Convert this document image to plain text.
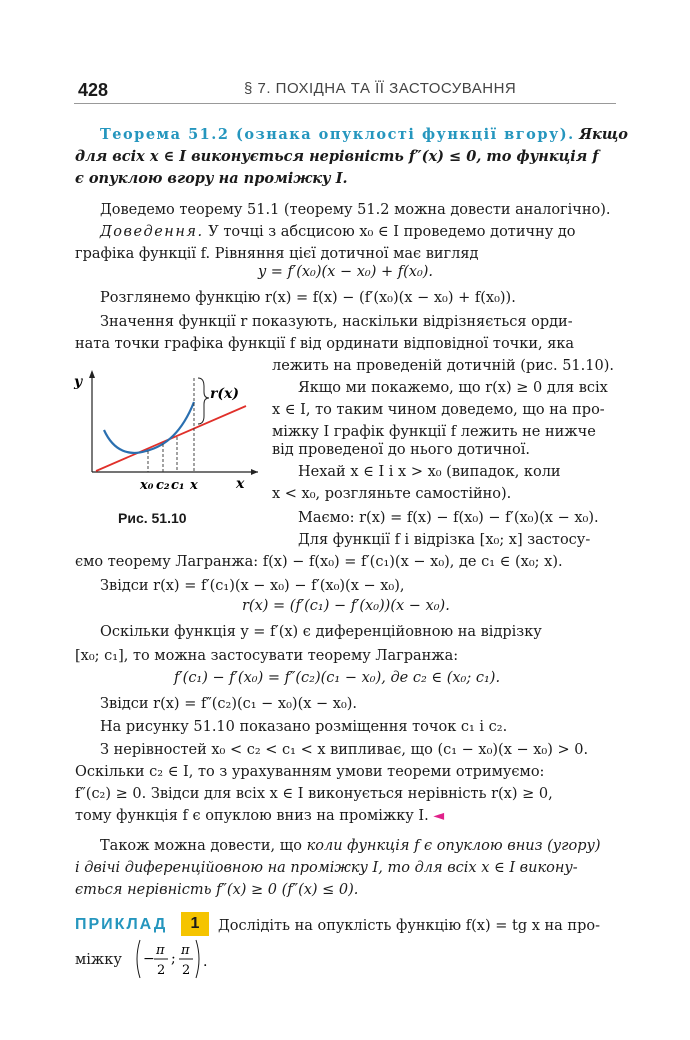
428	§ 7. ПОХІДНА ТА ЇЇ ЗАСТОСУВАННЯ
Теорема 51.2 (ознака опуклості функції вгору). Якщо
для всіх x ∈ I виконується нерівність f″(x) ≤ 0, то функція f
є опуклою вгору на проміжку I.
Доведемо теорему 51.1 (теорему 51.2 можна довести аналогічно).
Доведення. У точці з абсцисою x₀ ∈ I проведемо дотичну до
графіка функції f. Рівняння цієї дотичної має вигляд
y = f′(x₀)(x − x₀) + f(x₀).
Розглянемо функцію r(x) = f(x) − (f′(x₀)(x − x₀) + f(x₀)).
Значення функції r показують, наскільки відрізняється орди-
ната точки графіка функції f від ординати відповідної точки, яка
лежить на проведеній дотичній (рис. 51.10).
Якщо ми покажемо, що r(x) ≥ 0 для всіх
x ∈ I, то таким чином доведемо, що на про-
міжку I графік функції f лежить не нижче
від проведеної до нього дотичної.
Нехай x ∈ I і x > x₀ (випадок, коли
x < x₀, розгляньте самостійно).
Маємо: r(x) = f(x) − f(x₀) − f′(x₀)(x − x₀).
Для функції f і відрізка [x₀; x] застосу-
ємо теорему Лагранжа: f(x) − f(x₀) = f′(c₁)(x − x₀), де c₁ ∈ (x₀; x).
Звідси r(x) = f′(c₁)(x − x₀) − f′(x₀)(x − x₀),
r(x) = (f′(c₁) − f′(x₀))(x − x₀).
Оскільки функція y = f′(x) є диференційовною на відрізку
[x₀; c₁], то можна застосувати теорему Лагранжа:
f′(c₁) − f′(x₀) = f″(c₂)(c₁ − x₀), де c₂ ∈ (x₀; c₁).
Звідси r(x) = f″(c₂)(c₁ − x₀)(x − x₀).
На рисунку 51.10 показано розміщення точок c₁ і c₂.
З нерівностей x₀ < c₂ < c₁ < x випливає, що (c₁ − x₀)(x − x₀) > 0.
Оскільки c₂ ∈ I, то з урахуванням умови теореми отримуємо:
f″(c₂) ≥ 0. Звідси для всіх x ∈ I виконується нерівність r(x) ≥ 0,
тому функція f є опуклою вниз на проміжку I. ◄
Також можна довести, що коли функція f є опуклою вниз (угору)
і двічі диференційовною на проміжку I, то для всіх x ∈ I викону-
ється нерівність f″(x) ≥ 0 (f″(x) ≤ 0).
ПРИКЛАД	1	Дослідіть на опуклість функцію f(x) = tg x на про-
міжку −
π
2
;
π
2
.
y
x
r(x)
x₀ c₂ c₁ x
Рис. 51.10
